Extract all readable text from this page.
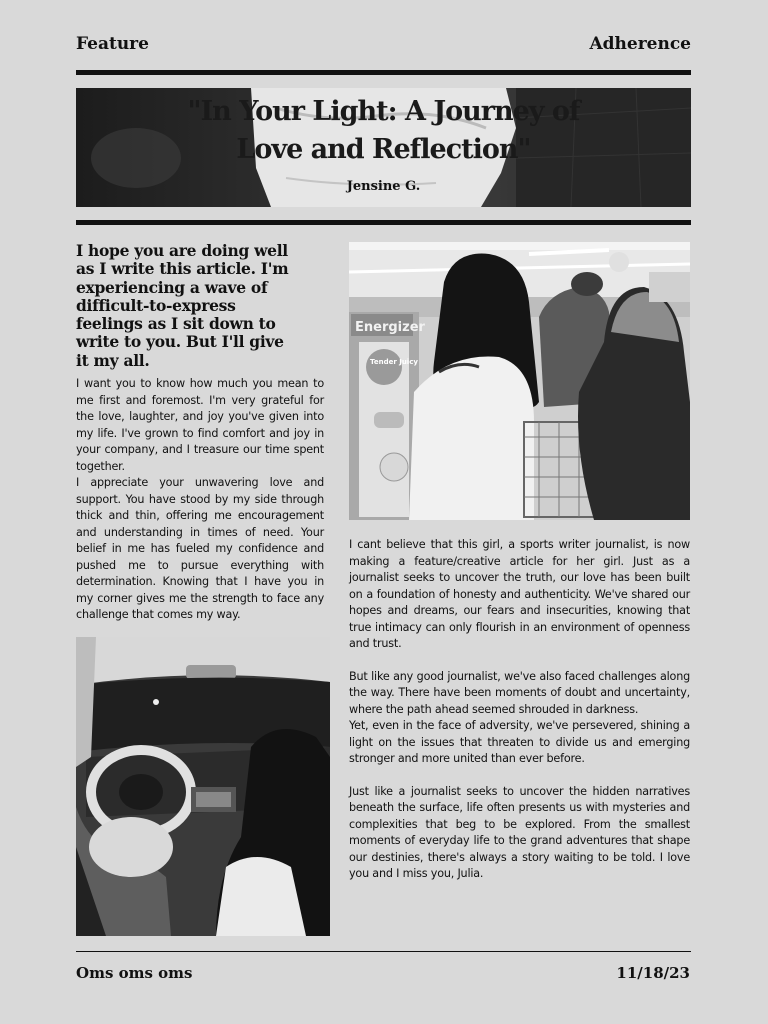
Feature	Adherence
"In Your Light: A Journey of
Love and Reflection"
Jensine G.
I hope you are doing well as I write this article. I'm experiencing a wave of difficult-to-express feelings as I sit down to write to you. But I'll give it my all.

I want you to know how much you mean to me first and foremost. I'm very grateful for the love, laughter, and joy you've given into my life. I've grown to find comfort and joy in your company, and I treasure our time spent together.

I appreciate your unwavering love and support. You have stood by my side through thick and thin, offering me encouragement and understanding in times of need. Your belief in me has fueled my confidence and pushed me to pursue everything with determination. Knowing that I have you in my corner gives me the strength to face any challenge that comes my way.

Energizer
Tender Juicy

I cant believe that this girl, a sports writer journalist, is now making a feature/creative article for her girl. Just as a journalist seeks to uncover the truth, our love has been built on a foundation of honesty and authenticity. We've shared our hopes and dreams, our fears and insecurities, knowing that true intimacy can only flourish in an environment of openness and trust.

But like any good journalist, we've also faced challenges along the way. There have been moments of doubt and uncertainty, where the path ahead seemed shrouded in darkness.

Yet, even in the face of adversity, we've persevered, shining a light on the issues that threaten to divide us and emerging stronger and more united than ever before.

Just like a journalist seeks to uncover the hidden narratives beneath the surface, life often presents us with mysteries and complexities that beg to be explored. From the smallest moments of everyday life to the grand adventures that shape our destinies, there's always a story waiting to be told. I love you and I miss you, Julia.

Oms oms oms	11/18/23
